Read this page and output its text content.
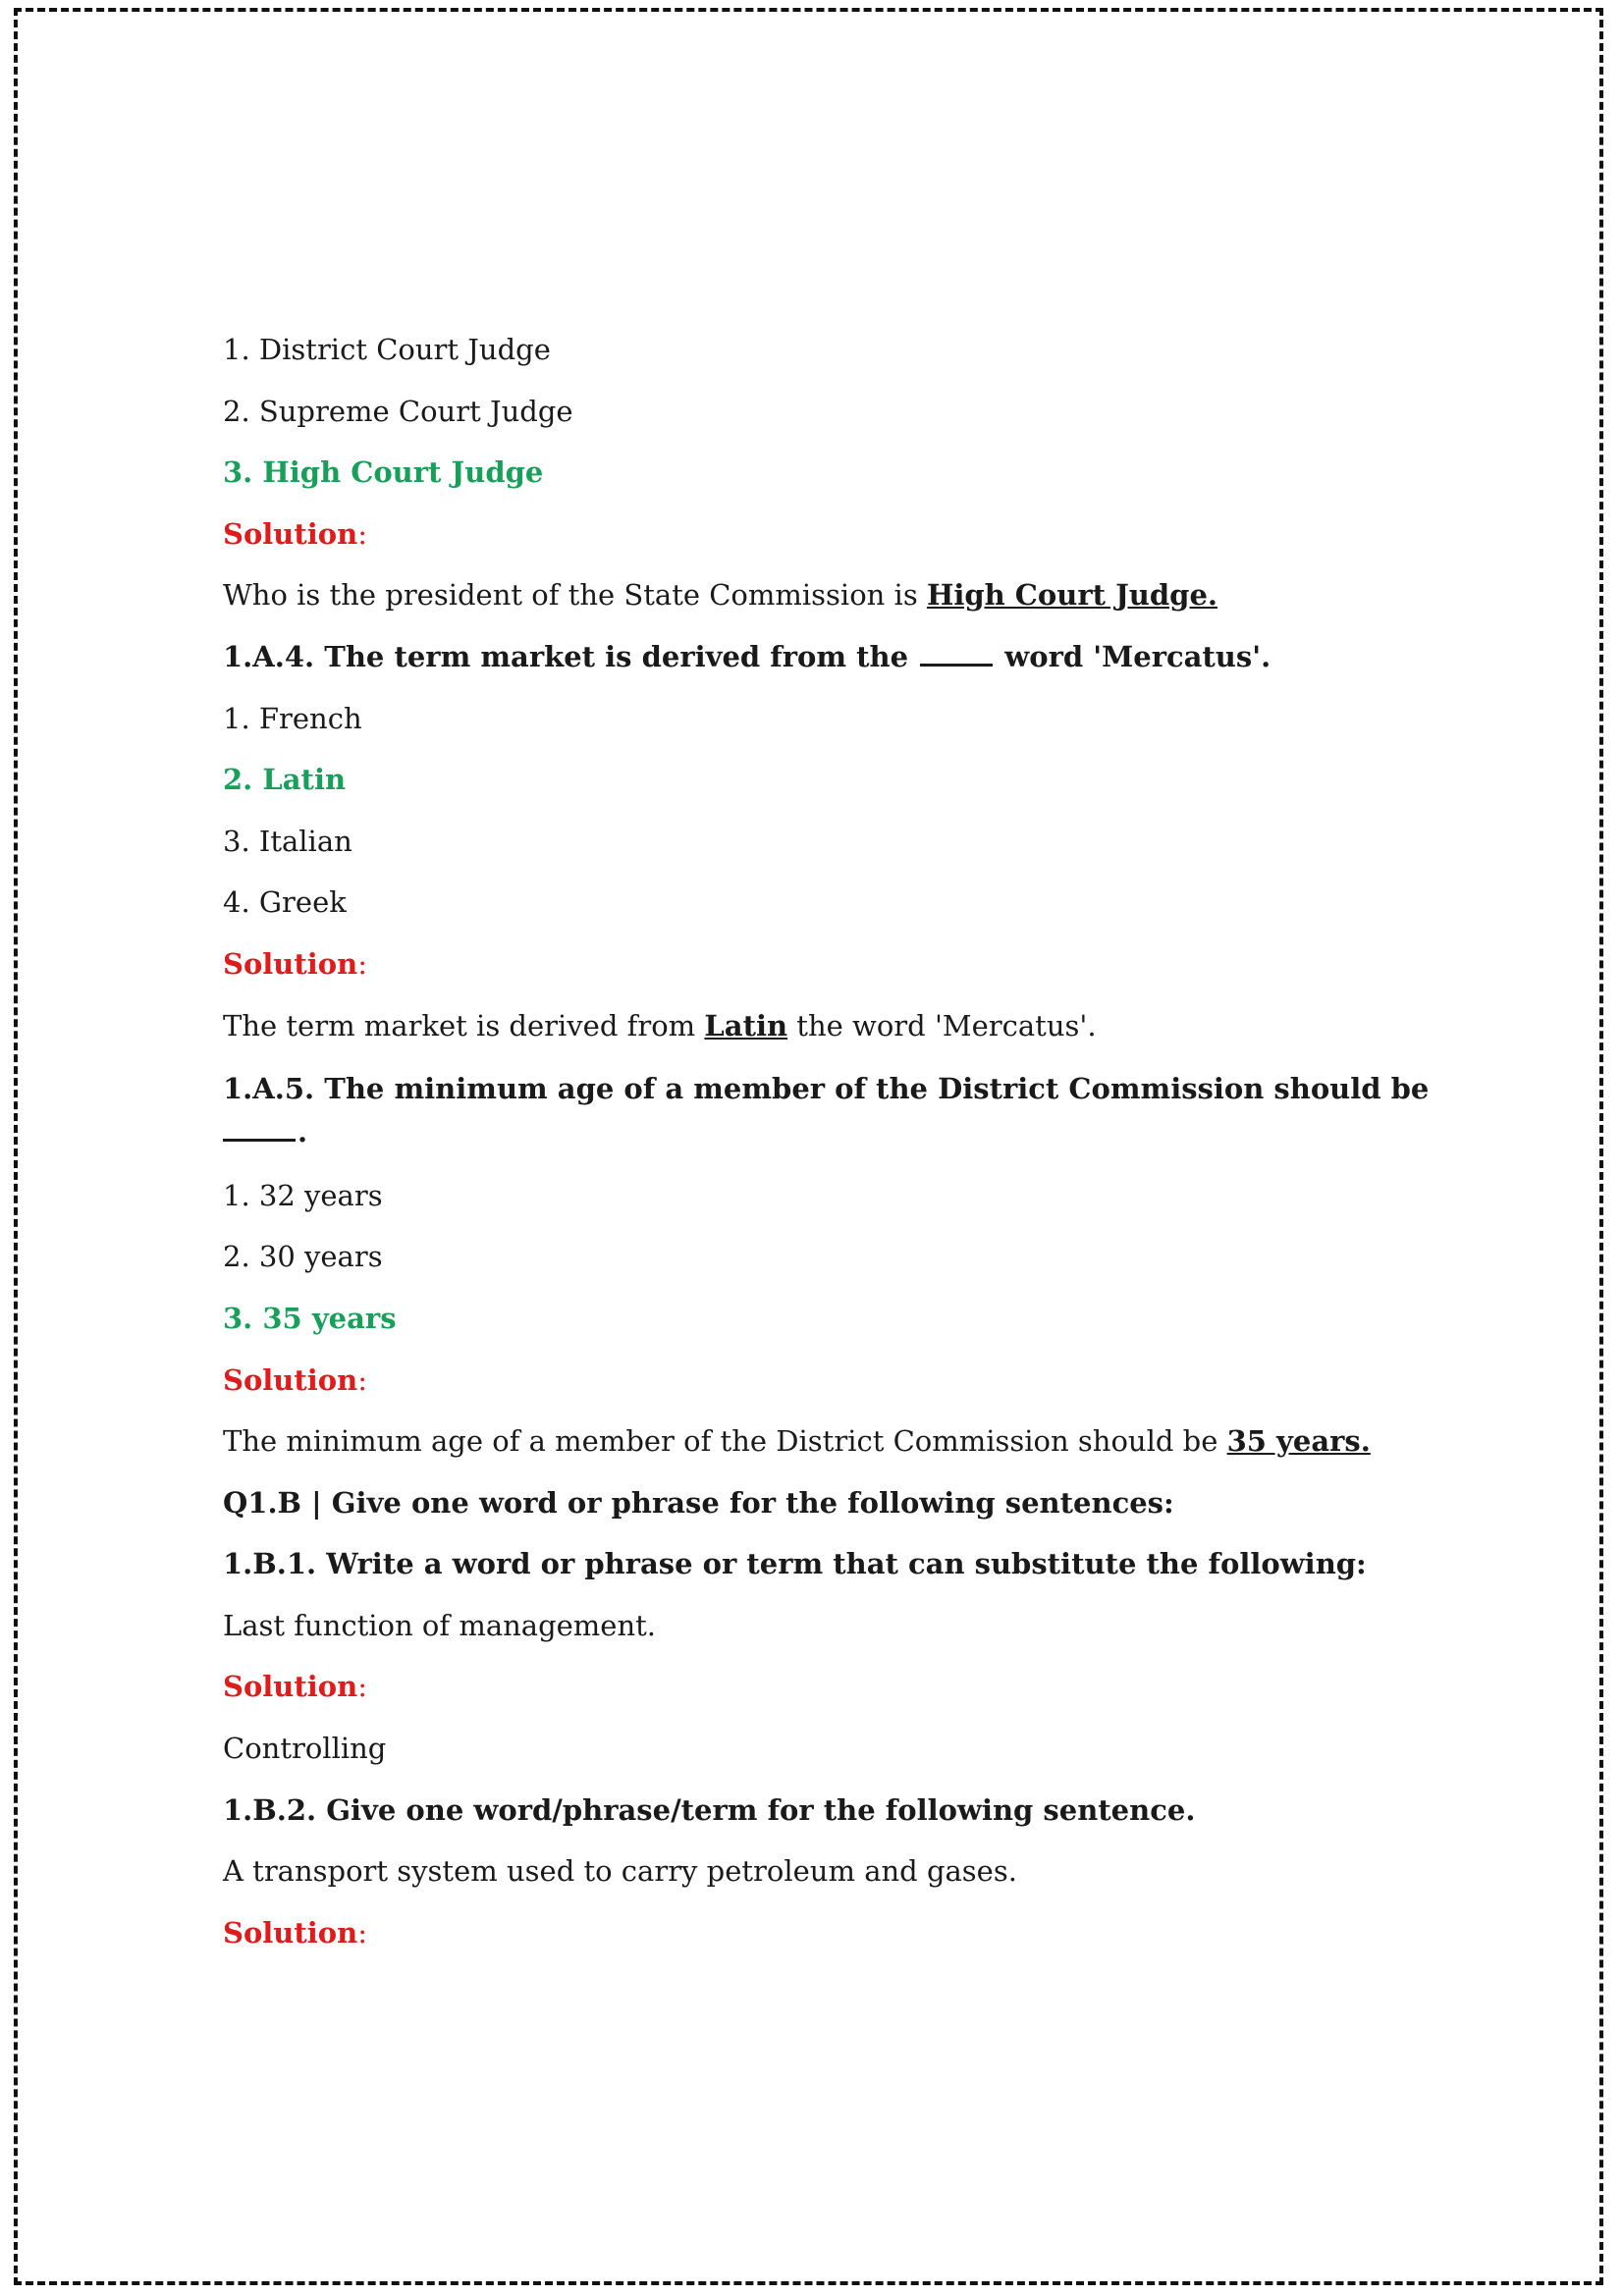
1. District Court Judge
2. Supreme Court Judge
3. High Court Judge
Solution:
Who is the president of the State Commission is High Court Judge.
1.A.4. The term market is derived from the	word 'Mercatus'.
1. French
2. Latin
3. Italian
4. Greek
Solution:
The term market is derived from Latin the word 'Mercatus'.
1.A.5. The minimum age of a member of the District Commission should be
.
1. 32 years
2. 30 years
3. 35 years
Solution:
The minimum age of a member of the District Commission should be 35 years.
Q1.B | Give one word or phrase for the following sentences:
1.B.1. Write a word or phrase or term that can substitute the following:
Last function of management.
Solution:
Controlling
1.B.2. Give one word/phrase/term for the following sentence.
A transport system used to carry petroleum and gases.
Solution:
